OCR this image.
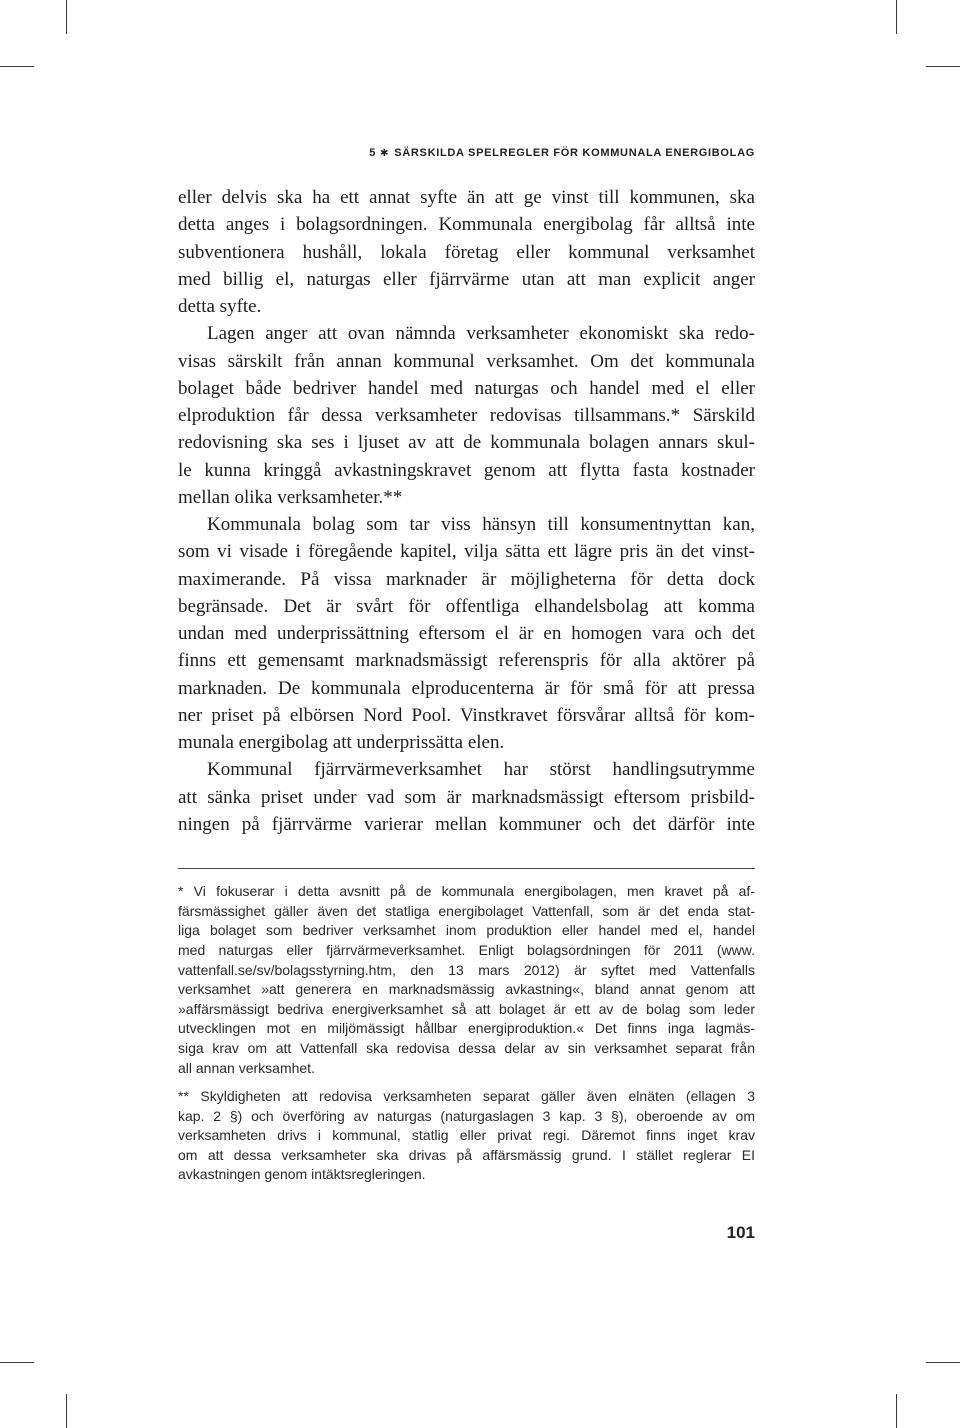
5 ✱ SÄRSKILDA SPELREGLER FÖR KOMMUNALA ENERGIBOLAG
eller delvis ska ha ett annat syfte än att ge vinst till kommunen, ska
detta anges i bolagsordningen. Kommunala energibolag får alltså inte
subventionera hushåll, lokala företag eller kommunal verksamhet
med billig el, naturgas eller fjärrvärme utan att man explicit anger
detta syfte.
Lagen anger att ovan nämnda verksamheter ekonomiskt ska redo-
visas särskilt från annan kommunal verksamhet. Om det kommunala
bolaget både bedriver handel med naturgas och handel med el eller
elproduktion får dessa verksamheter redovisas tillsammans.* Särskild
redovisning ska ses i ljuset av att de kommunala bolagen annars skul-
le kunna kringgå avkastningskravet genom att flytta fasta kostnader
mellan olika verksamheter.**
Kommunala bolag som tar viss hänsyn till konsumentnyttan kan,
som vi visade i föregående kapitel, vilja sätta ett lägre pris än det vinst-
maximerande. På vissa marknader är möjligheterna för detta dock
begränsade. Det är svårt för offentliga elhandelsbolag att komma
undan med underprissättning eftersom el är en homogen vara och det
finns ett gemensamt marknadsmässigt referenspris för alla aktörer på
marknaden. De kommunala elproducenterna är för små för att pressa
ner priset på elbörsen Nord Pool. Vinstkravet försvårar alltså för kom-
munala energibolag att underprissätta elen.
Kommunal fjärrvärmeverksamhet har störst handlingsutrymme
att sänka priset under vad som är marknadsmässigt eftersom prisbild-
ningen på fjärrvärme varierar mellan kommuner och det därför inte
* Vi fokuserar i detta avsnitt på de kommunala energibolagen, men kravet på af-
färsmässighet gäller även det statliga energibolaget Vattenfall, som är det enda stat-
liga bolaget som bedriver verksamhet inom produktion eller handel med el, handel
med naturgas eller fjärrvärmeverksamhet. Enligt bolagsordningen för 2011 (www.
vattenfall.se/sv/bolagsstyrning.htm, den 13 mars 2012) är syftet med Vattenfalls
verksamhet »att generera en marknadsmässig avkastning«, bland annat genom att
»affärsmässigt bedriva energiverksamhet så att bolaget är ett av de bolag som leder
utvecklingen mot en miljömässigt hållbar energiproduktion.« Det finns inga lagmäs-
siga krav om att Vattenfall ska redovisa dessa delar av sin verksamhet separat från
all annan verksamhet.
** Skyldigheten att redovisa verksamheten separat gäller även elnäten (ellagen 3
kap. 2 §) och överföring av naturgas (naturgaslagen 3 kap. 3 §), oberoende av om
verksamheten drivs i kommunal, statlig eller privat regi. Däremot finns inget krav
om att dessa verksamheter ska drivas på affärsmässig grund. I stället reglerar EI
avkastningen genom intäktsregleringen.
101
